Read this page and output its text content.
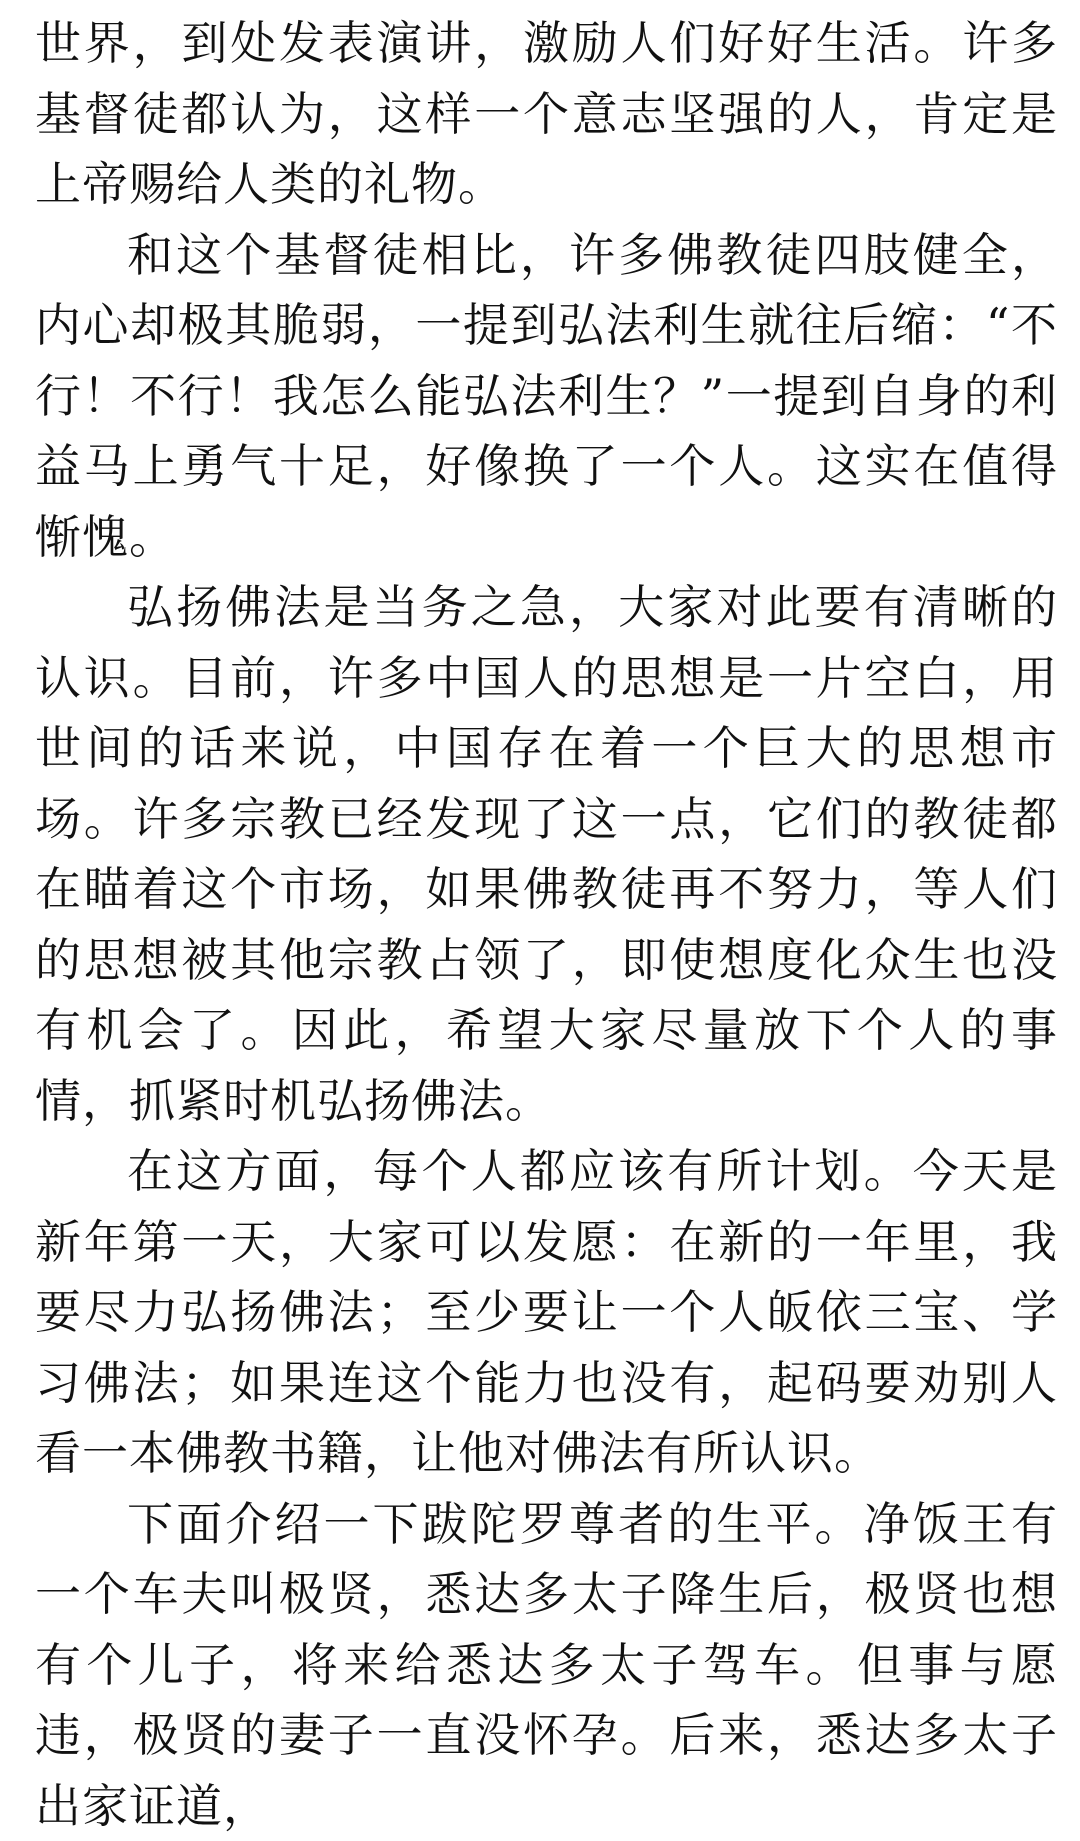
世界，到处发表演讲，激励人们好好生活。许多基督徒都认为，这样一个意志坚强的人，肯定是上帝赐给人类的礼物。

和这个基督徒相比，许多佛教徒四肢健全，内心却极其脆弱，一提到弘法利生就往后缩：“不行！不行！我怎么能弘法利生？”一提到自身的利益马上勇气十足，好像换了一个人。这实在值得惭愧。

弘扬佛法是当务之急，大家对此要有清晰的认识。目前，许多中国人的思想是一片空白，用世间的话来说，中国存在着一个巨大的思想市场。许多宗教已经发现了这一点，它们的教徒都在瞄着这个市场，如果佛教徒再不努力，等人们的思想被其他宗教占领了，即使想度化众生也没有机会了。因此，希望大家尽量放下个人的事情，抓紧时机弘扬佛法。

在这方面，每个人都应该有所计划。今天是新年第一天，大家可以发愿：在新的一年里，我要尽力弘扬佛法；至少要让一个人皈依三宝、学习佛法；如果连这个能力也没有，起码要劝别人看一本佛教书籍，让他对佛法有所认识。

下面介绍一下跋陀罗尊者的生平。净饭王有一个车夫叫极贤，悉达多太子降生后，极贤也想有个儿子，将来给悉达多太子驾车。但事与愿违，极贤的妻子一直没怀孕。后来，悉达多太子出家证道，
